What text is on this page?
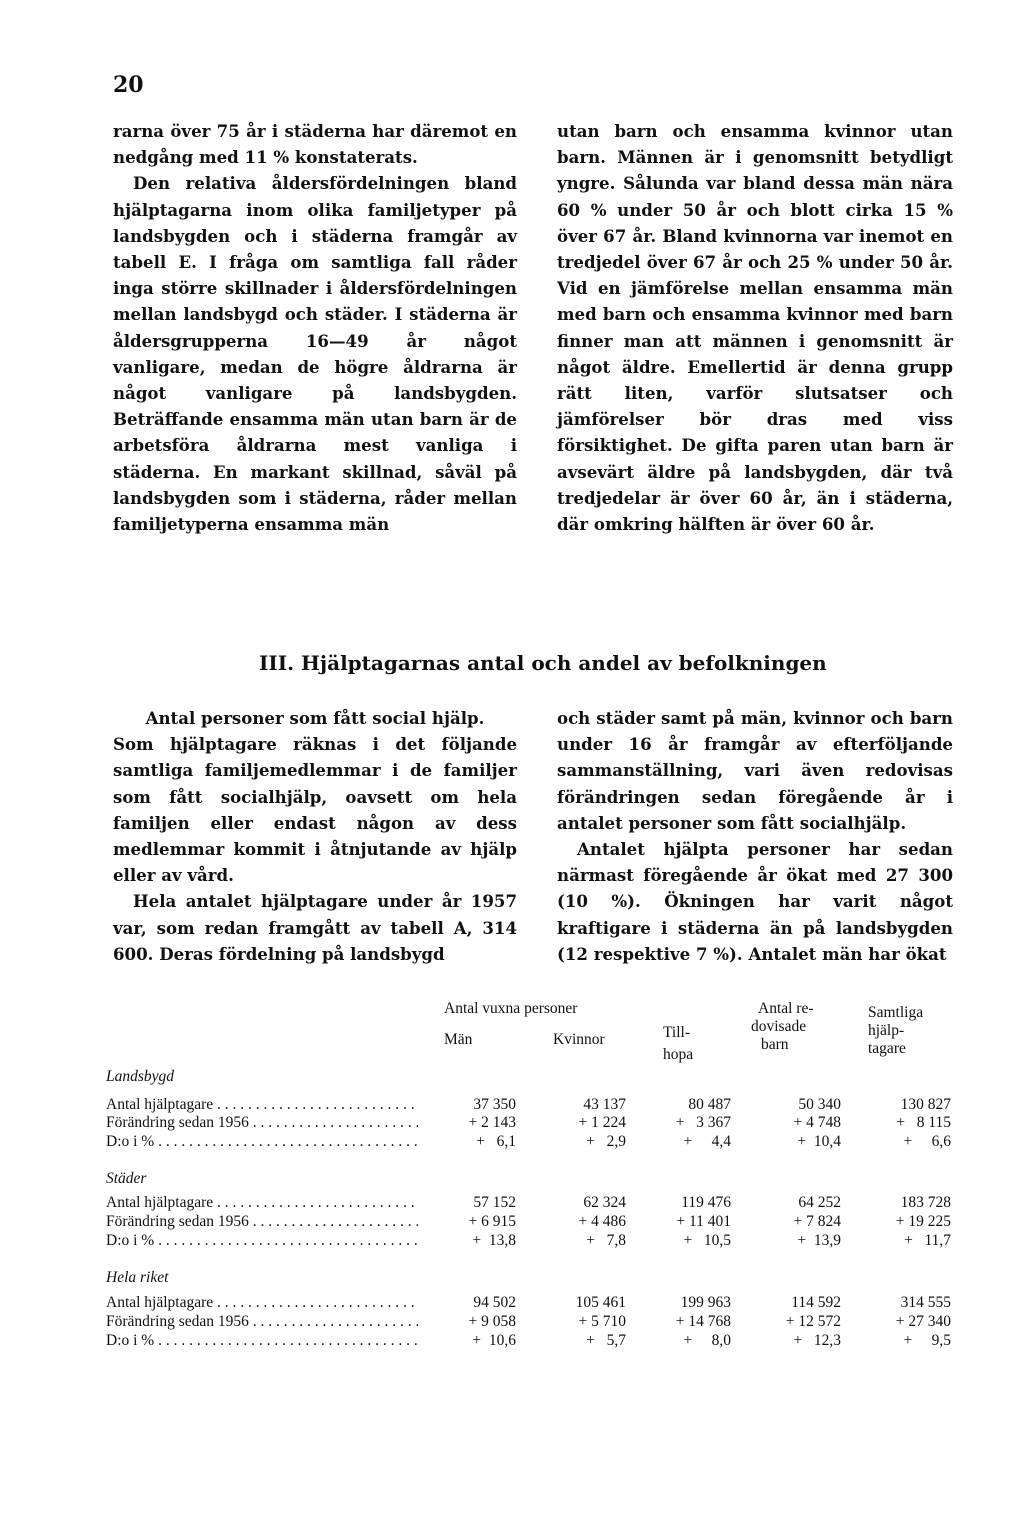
20

rarna över 75 år i städerna har däremot en nedgång med 11 % konstaterats.

Den relativa åldersfördelningen bland hjälptagarna inom olika familjetyper på landsbygden och i städerna framgår av tabell E. I fråga om samtliga fall råder inga större skillnader i åldersfördelningen mellan landsbygd och städer. I städerna är åldersgrupperna 16—49 år något vanligare, medan de högre åldrarna är något vanligare på landsbygden. Beträffande ensamma män utan barn är de arbetsföra åldrarna mest vanliga i städerna. En markant skillnad, såväl på landsbygden som i städerna, råder mellan familjetyperna ensamma män

utan barn och ensamma kvinnor utan barn. Männen är i genomsnitt betydligt yngre. Sålunda var bland dessa män nära 60 % under 50 år och blott cirka 15 % över 67 år. Bland kvinnorna var inemot en tredjedel över 67 år och 25 % under 50 år. Vid en jämförelse mellan ensamma män med barn och ensamma kvinnor med barn finner man att männen i genomsnitt är något äldre. Emellertid är denna grupp rätt liten, varför slutsatser och jämförelser bör dras med viss försiktighet. De gifta paren utan barn är avsevärt äldre på landsbygden, där två tredjedelar är över 60 år, än i städerna, där omkring hälften är över 60 år.

III. Hjälptagarnas antal och andel av befolkningen
Antal personer som fått social hjälp.

Som hjälptagare räknas i det följande samtliga familjemedlemmar i de familjer som fått socialhjälp, oavsett om hela familjen eller endast någon av dess medlemmar kommit i åtnjutande av hjälp eller av vård.

Hela antalet hjälptagare under år 1957 var, som redan framgått av tabell A, 314 600. Deras fördelning på landsbygd

och städer samt på män, kvinnor och barn under 16 år framgår av efterföljande sammanställning, vari även redovisas förändringen sedan föregående år i antalet personer som fått socialhjälp.

Antalet hjälpta personer har sedan närmast föregående år ökat med 27 300 (10 %). Ökningen har varit något kraftigare i städerna än på landsbygden (12 respektive 7 %). Antalet män har ökat

Antal vuxna personer
Män	Kvinnor	Till-
hopa
Antal re-
dovisade
barn
Samtliga
hjälp-
tagare
Landsbygd
Antal hjälptagare . . .	37 350	43 137	80 487	50 340	130 827
Förändring sedan 1956 . . .	+ 2 143	+ 1 224	+   3 367	+ 4 748	+   8 115
D:o i % . . .	+   6,1	+   2,9	+     4,4	+  10,4	+     6,6
Städer
Antal hjälptagare . . .	57 152	62 324	119 476	64 252	183 728
Förändring sedan 1956 . . .	+ 6 915	+ 4 486	+ 11 401	+ 7 824	+ 19 225
D:o i % . . .	+  13,8	+   7,8	+   10,5	+  13,9	+   11,7
Hela riket
Antal hjälptagare . . .	94 502	105 461	199 963	114 592	314 555
Förändring sedan 1956 . . .	+ 9 058	+ 5 710	+ 14 768	+ 12 572	+ 27 340
D:o i % . . .	+  10,6	+   5,7	+     8,0	+   12,3	+     9,5
